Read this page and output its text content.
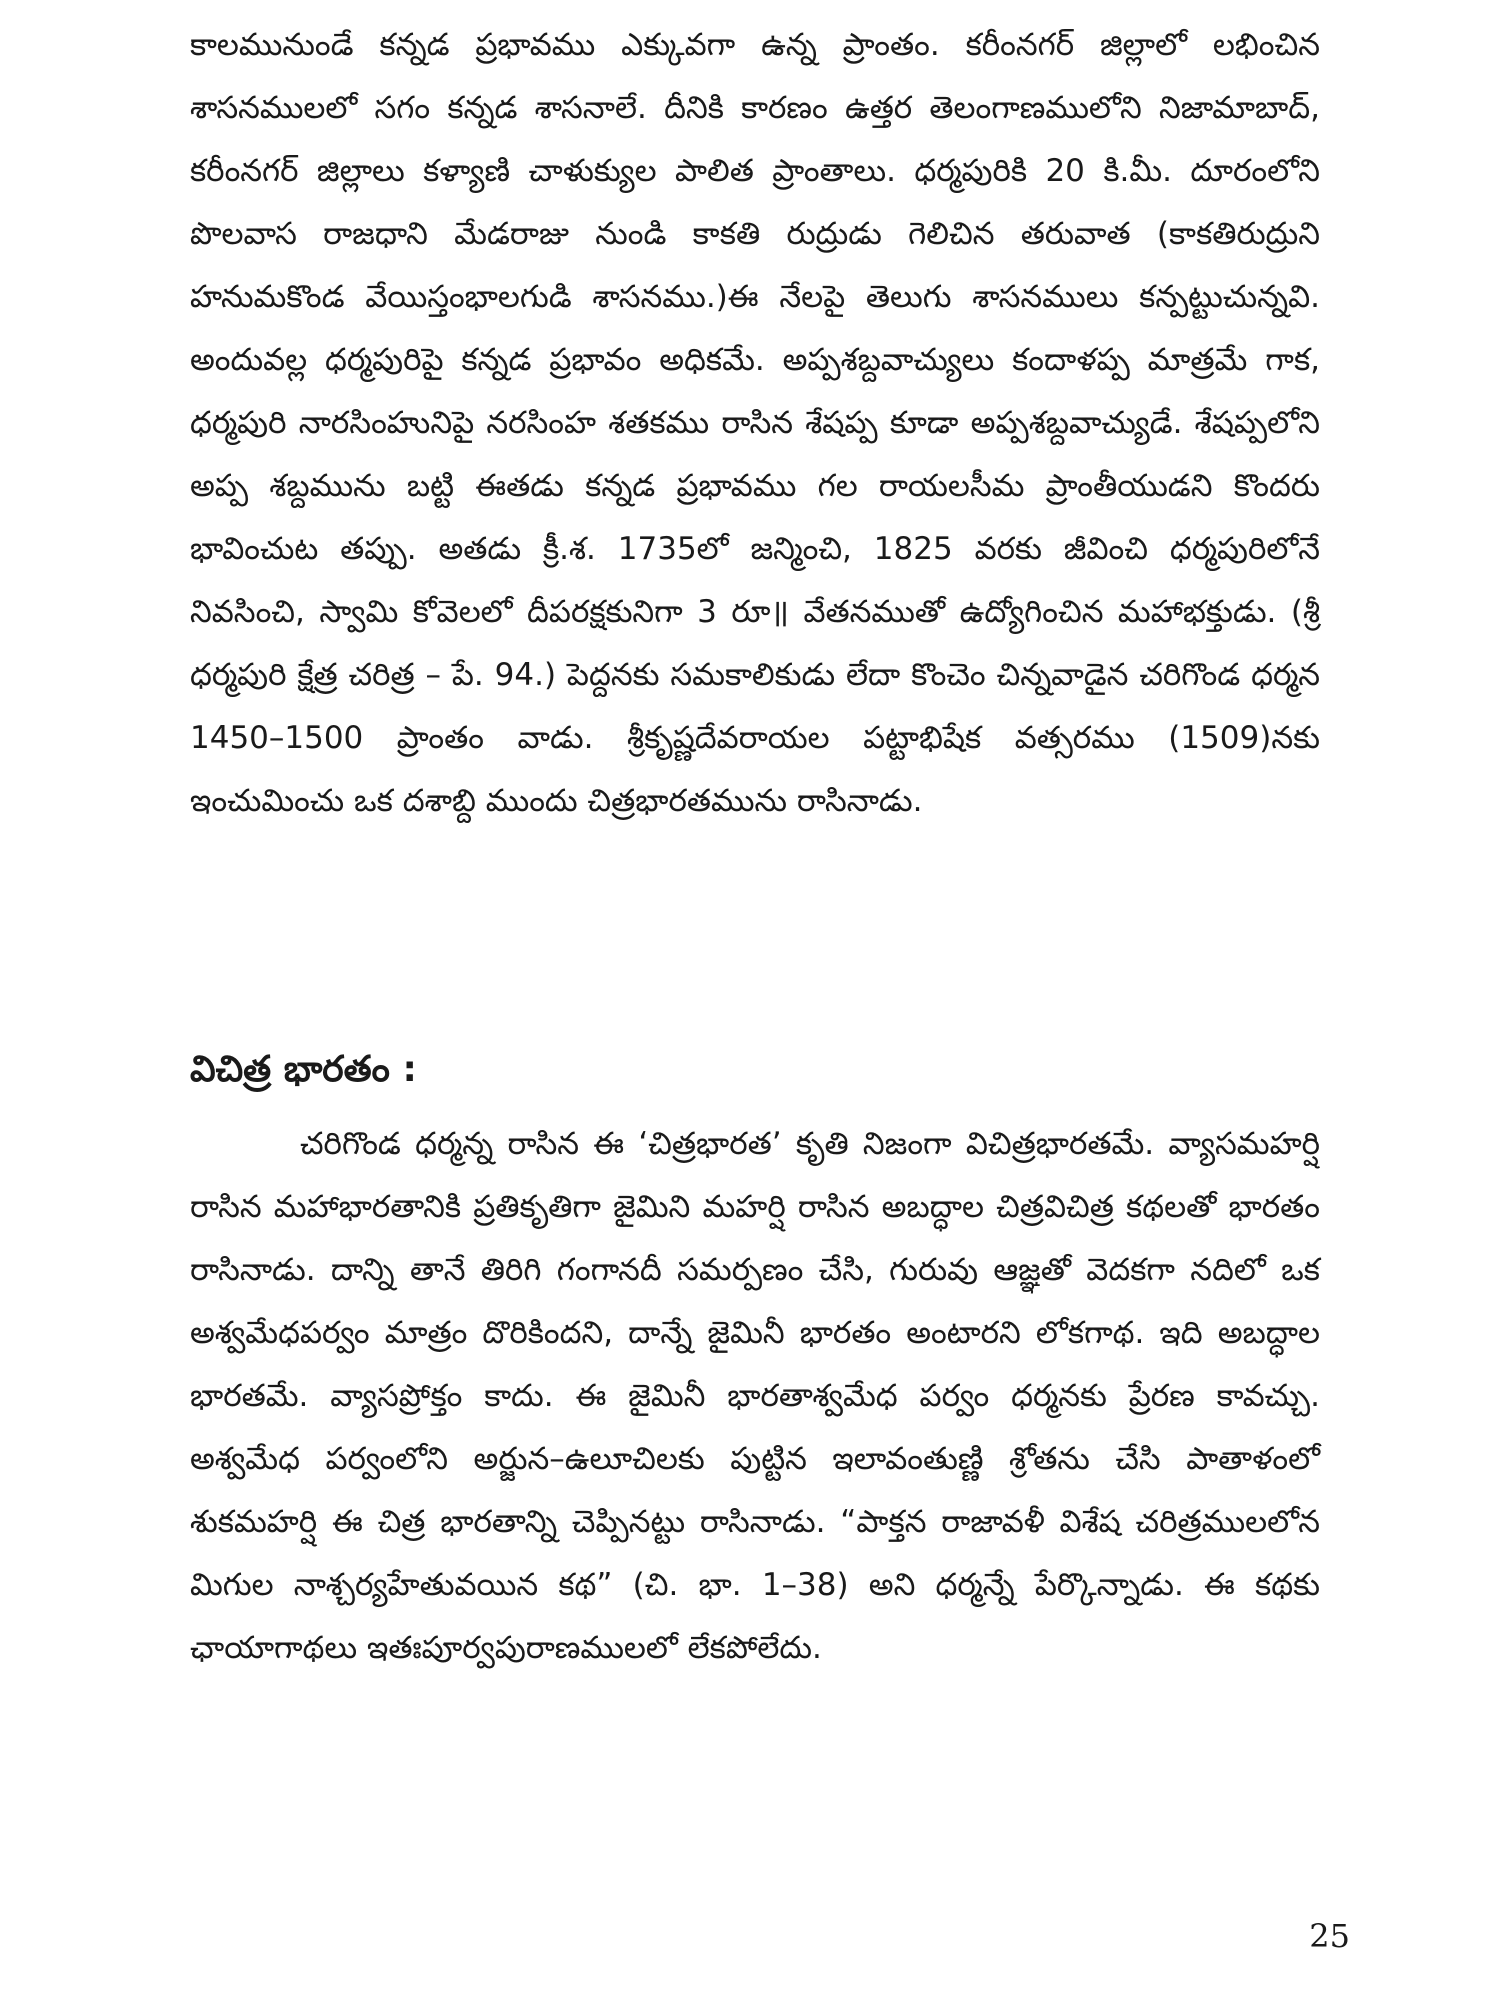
కాలమునుండే కన్నడ ప్రభావము ఎక్కువగా ఉన్న ప్రాంతం. కరీంనగర్ జిల్లాలో లభించిన శాసనములలో సగం కన్నడ శాసనాలే. దీనికి కారణం ఉత్తర తెలంగాణములోని నిజామాబాద్, కరీంనగర్ జిల్లాలు కళ్యాణి చాళుక్యుల పాలిత ప్రాంతాలు. ధర్మపురికి 20 కి.మీ. దూరంలోని పొలవాస రాజధాని మేడరాజు నుండి కాకతి రుద్రుడు గెలిచిన తరువాత (కాకతిరుద్రుని హనుమకొండ వేయిస్తంభాలగుడి శాసనము.)ఈ నేలపై తెలుగు శాసనములు కన్పట్టుచున్నవి. అందువల్ల ధర్మపురిపై కన్నడ ప్రభావం అధికమే. అప్పశబ్దవాచ్యులు కందాళప్ప మాత్రమే గాక, ధర్మపురి నారసింహునిపై నరసింహ శతకము రాసిన శేషప్ప కూడా అప్పశబ్దవాచ్యుడే. శేషప్పలోని అప్ప శబ్దమును బట్టి ఈతడు కన్నడ ప్రభావము గల రాయలసీమ ప్రాంతీయుడని కొందరు భావించుట తప్పు. అతడు క్రీ.శ. 1735లో జన్మించి, 1825 వరకు జీవించి ధర్మపురిలోనే నివసించి, స్వామి కోవెలలో దీపరక్షకునిగా 3 రూ॥ వేతనముతో ఉద్యోగించిన మహాభక్తుడు. (శ్రీ ధర్మపురి క్షేత్ర చరిత్ర – పే. 94.) పెద్దనకు సమకాలికుడు లేదా కొంచెం చిన్నవాడైన చరిగొండ ధర్మన 1450–1500 ప్రాంతం వాడు. శ్రీకృష్ణదేవరాయల పట్టాభిషేక వత్సరము (1509)నకు ఇంచుమించు ఒక దశాబ్ది ముందు చిత్రభారతమును రాసినాడు.
విచిత్ర భారతం :
చరిగొండ ధర్మన్న రాసిన ఈ ‘చిత్రభారత’ కృతి నిజంగా విచిత్రభారతమే. వ్యాసమహర్షి రాసిన మహాభారతానికి ప్రతికృతిగా జైమిని మహర్షి రాసిన అబద్ధాల చిత్రవిచిత్ర కథలతో భారతం రాసినాడు. దాన్ని తానే తిరిగి గంగానదీ సమర్పణం చేసి, గురువు ఆజ్ఞతో వెదకగా నదిలో ఒక అశ్వమేధపర్వం మాత్రం దొరికిందని, దాన్నే జైమినీ భారతం అంటారని లోకగాథ. ఇది అబద్ధాల భారతమే. వ్యాసప్రోక్తం కాదు. ఈ జైమినీ భారతాశ్వమేధ పర్వం ధర్మనకు ప్రేరణ కావచ్చు. అశ్వమేధ పర్వంలోని అర్జున–ఉలూచిలకు పుట్టిన ఇలావంతుణ్ణి శ్రోతను చేసి పాతాళంలో శుకమహర్షి ఈ చిత్ర భారతాన్ని చెప్పినట్టు రాసినాడు. “పాక్తన రాజావళీ విశేష చరిత్రములలోన మిగుల నాశ్చర్యహేతువయిన కథ” (చి. భా. 1–38) అని ధర్మన్నే పేర్కొన్నాడు. ఈ కథకు ఛాయాగాథలు ఇతఃపూర్వపురాణములలో లేకపోలేదు.
25
